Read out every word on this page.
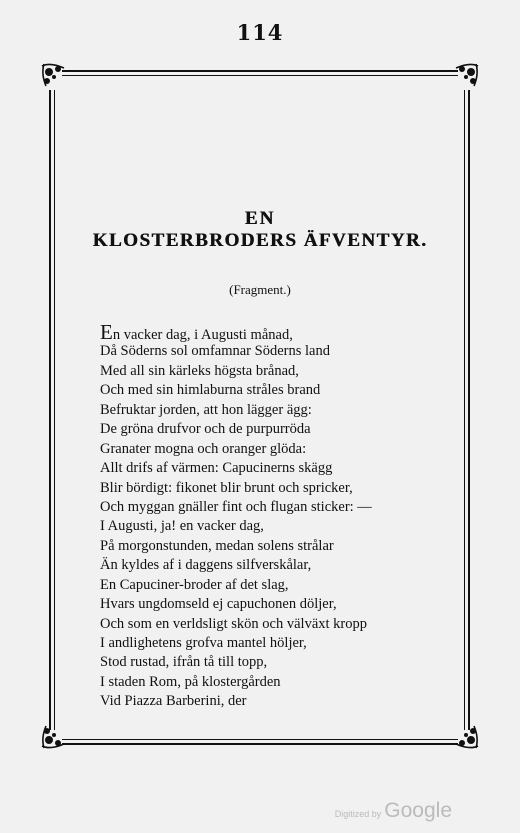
114
EN
KLOSTERBRODERS ÄFVENTYR.
(Fragment.)
En vacker dag, i Augusti månad,
Då Söderns sol omfamnar Söderns land
Med all sin kärleks högsta brånad,
Och med sin himlaburna stråles brand
Befruktar jorden, att hon lägger ägg:
De gröna drufvor och de purpurröda
Granater mogna och oranger glöda:
Allt drifs af värmen: Capucinerns skägg
Blir bördigt: fikonet blir brunt och spricker,
Och myggan gnäller fint och flugan sticker: —
I Augusti, ja! en vacker dag,
På morgonstunden, medan solens strålar
Än kyldes af i daggens silfverskålar,
En Capuciner-broder af det slag,
Hvars ungdomseld ej capuchonen döljer,
Och som en verldsligt skön och välväxt kropp
I andlighetens grofva mantel höljer,
Stod rustad, ifrån tå till topp,
I staden Rom, på klostergården
Vid Piazza Barberini, der
Digitized by Google
